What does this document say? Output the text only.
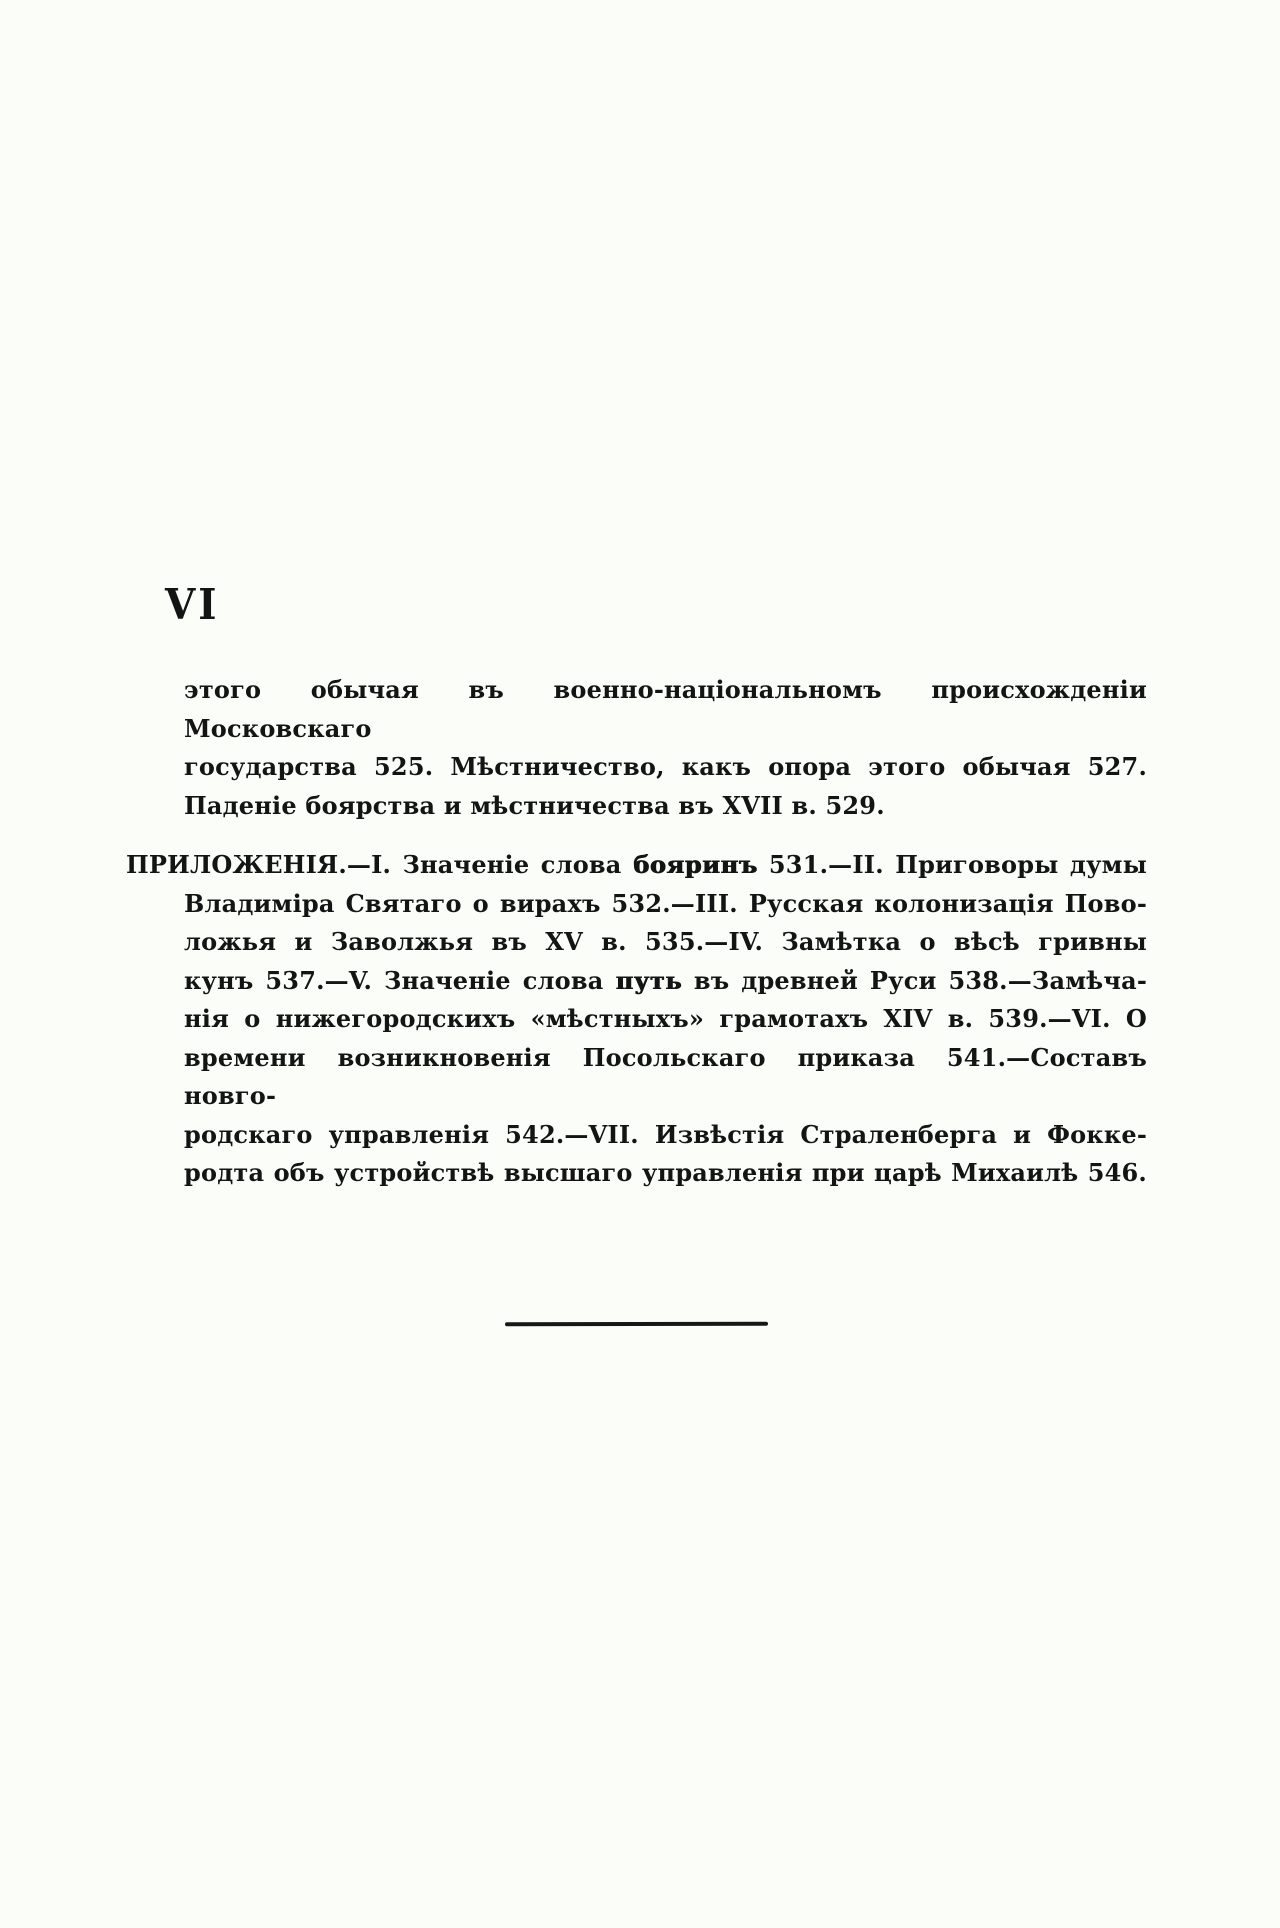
VI
этого обычая въ военно-національномъ происхожденіи Московскаго
государства 525. Мѣстничество, какъ опора этого обычая 527.
Паденіе боярства и мѣстничества въ XVII в. 529.
ПРИЛОЖЕНІЯ.—I. Значеніе слова бояринъ 531.—II. Приговоры думы
Владиміра Святаго о вирахъ 532.—III. Русская колонизація Пово-
ложья и Заволжья въ XV в. 535.—IV. Замѣтка о вѣсѣ гривны
кунъ 537.—V. Значеніе слова путь въ древней Руси 538.—Замѣча-
нія о нижегородскихъ «мѣстныхъ» грамотахъ XIV в. 539.—VI. О
времени возникновенія Посольскаго приказа 541.—Составъ новго-
родскаго управленія 542.—VII. Извѣстія Страленберга и Фокке-
родта объ устройствѣ высшаго управленія при царѣ Михаилѣ 546.
